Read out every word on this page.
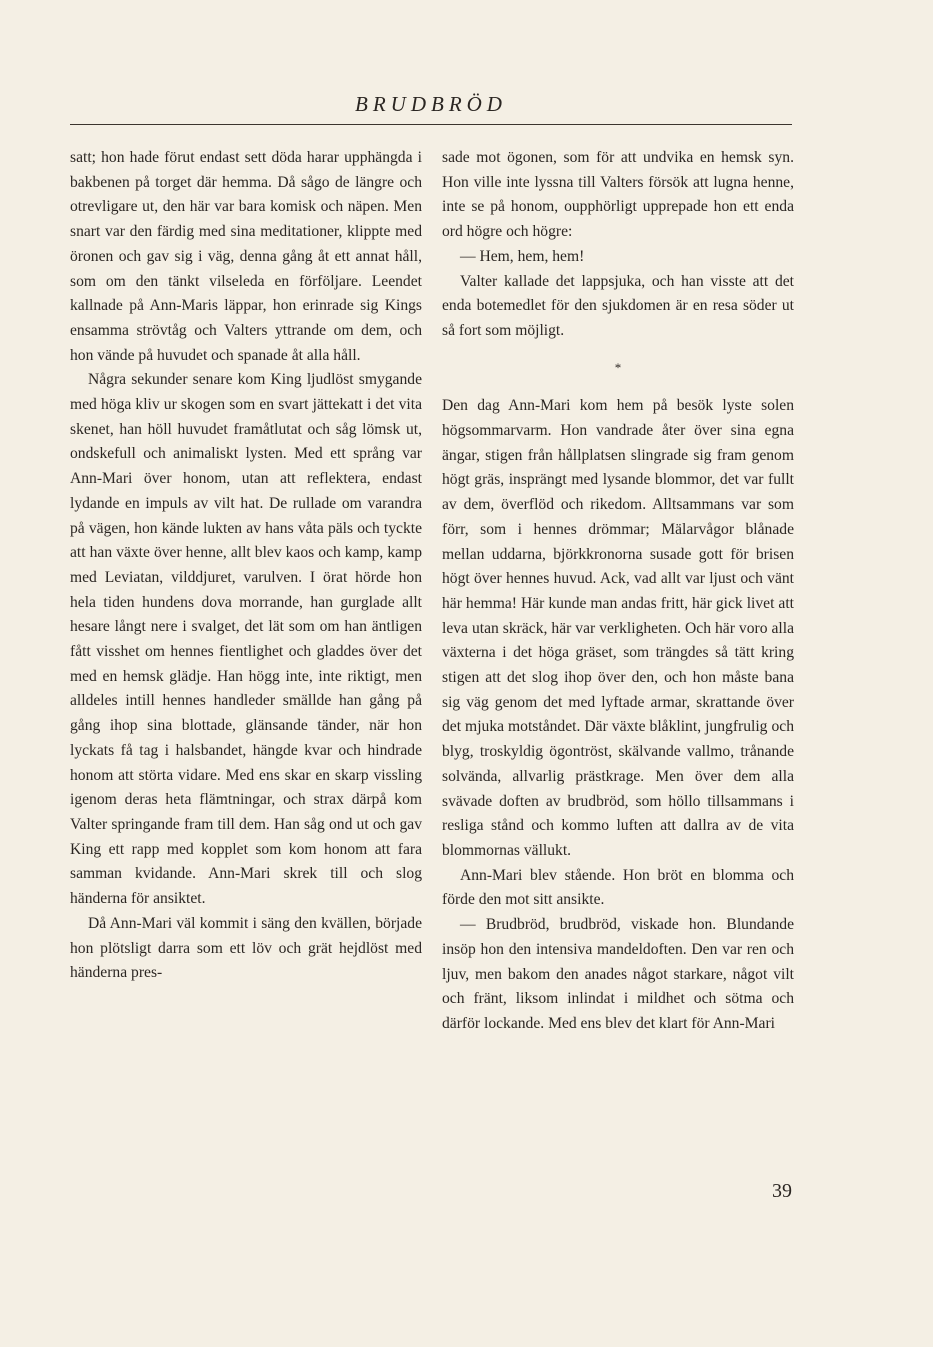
BRUDBRÖD

satt; hon hade förut endast sett döda harar upphängda i bakbenen på torget där hemma. Då sågo de längre och otrevligare ut, den här var bara komisk och näpen. Men snart var den färdig med sina meditationer, klippte med öronen och gav sig i väg, denna gång åt ett annat håll, som om den tänkt vilseleda en förföljare. Leendet kallnade på Ann-Maris läppar, hon erinrade sig Kings ensamma strövtåg och Valters yttrande om dem, och hon vände på huvudet och spanade åt alla håll.

Några sekunder senare kom King ljudlöst smygande med höga kliv ur skogen som en svart jättekatt i det vita skenet, han höll huvudet framåtlutat och såg lömsk ut, ondskefull och animaliskt lysten. Med ett språng var Ann-Mari över honom, utan att reflektera, endast lydande en impuls av vilt hat. De rullade om varandra på vägen, hon kände lukten av hans våta päls och tyckte att han växte över henne, allt blev kaos och kamp, kamp med Leviatan, vilddjuret, varulven. I örat hörde hon hela tiden hundens dova morrande, han gurglade allt hesare långt nere i svalget, det lät som om han äntligen fått visshet om hennes fientlighet och gladdes över det med en hemsk glädje. Han högg inte, inte riktigt, men alldeles intill hennes handleder smällde han gång på gång ihop sina blottade, glänsande tänder, när hon lyckats få tag i halsbandet, hängde kvar och hindrade honom att störta vidare. Med ens skar en skarp vissling igenom deras heta flämtningar, och strax därpå kom Valter springande fram till dem. Han såg ond ut och gav King ett rapp med kopplet som kom honom att fara samman kvidande. Ann-Mari skrek till och slog händerna för ansiktet.

Då Ann-Mari väl kommit i säng den kvällen, började hon plötsligt darra som ett löv och grät hejdlöst med händerna pres-

sade mot ögonen, som för att undvika en hemsk syn. Hon ville inte lyssna till Valters försök att lugna henne, inte se på honom, oupphörligt upprepade hon ett enda ord högre och högre:

— Hem, hem, hem!

Valter kallade det lappsjuka, och han visste att det enda botemedlet för den sjukdomen är en resa söder ut så fort som möjligt.

*

Den dag Ann-Mari kom hem på besök lyste solen högsommarvarm. Hon vandrade åter över sina egna ängar, stigen från hållplatsen slingrade sig fram genom högt gräs, insprängt med lysande blommor, det var fullt av dem, överflöd och rikedom. Alltsammans var som förr, som i hennes drömmar; Mälarvågor blånade mellan uddarna, björkkronorna susade gott för brisen högt över hennes huvud. Ack, vad allt var ljust och vänt här hemma! Här kunde man andas fritt, här gick livet att leva utan skräck, här var verkligheten. Och här voro alla växterna i det höga gräset, som trängdes så tätt kring stigen att det slog ihop över den, och hon måste bana sig väg genom det med lyftade armar, skrattande över det mjuka motståndet. Där växte blåklint, jungfrulig och blyg, troskyldig ögontröst, skälvande vallmo, trånande solvända, allvarlig prästkrage. Men över dem alla svävade doften av brudbröd, som höllo tillsammans i resliga stånd och kommo luften att dallra av de vita blommornas vällukt.

Ann-Mari blev stående. Hon bröt en blomma och förde den mot sitt ansikte.

— Brudbröd, brudbröd, viskade hon. Blundande insöp hon den intensiva mandeldoften. Den var ren och ljuv, men bakom den anades något starkare, något vilt och fränt, liksom inlindat i mildhet och sötma och därför lockande. Med ens blev det klart för Ann-Mari

39
